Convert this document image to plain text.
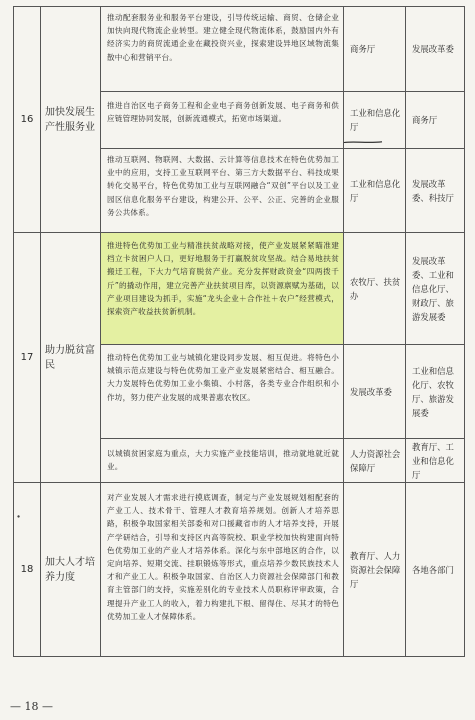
16
加快发展生产性服务业
推动配套服务业和服务平台建设，引导传统运输、商贸、仓储企业加快向现代物流企业转型。建立健全现代物流体系，鼓励国内外有经济实力的商贸流通企业在藏投资兴业，探索建设异地区域物流集散中心和营销平台。
商务厅	发展改革委
推进自治区电子商务工程和企业电子商务创新发展、电子商务和供应链管理协同发展，创新流通模式，拓宽市场渠道。
工业和信息化厅
商务厅
推动互联网、物联网、大数据、云计算等信息技术在特色优势加工业中的应用，支持工业互联网平台、第三方大数据平台、科技成果转化交易平台，特色优势加工业与互联网融合“双创”平台以及工业园区信息化服务平台建设，构建公开、公平、公正、完善的企业服务公共体系。
工业和信息化厅
发展改革委、科技厅
17
助力脱贫富民
推进特色优势加工业与精准扶贫战略对接，使产业发展紧紧瞄准建档立卡贫困户人口，更好地服务于打赢脱贫攻坚战。结合易地扶贫搬迁工程，下大力气培育脱贫产业。充分发挥财政资金“四两拨千斤”的撬动作用，建立完善产业扶贫项目库，以资源禀赋为基础，以产业项目建设为抓手，实施“龙头企业＋合作社＋农户”经营模式，探索资产收益扶贫新机制。
农牧厅、扶贫办
发展改革委、工业和信息化厅、财政厅、旅游发展委
推动特色优势加工业与城镇化建设同步发展、相互促进。将特色小城镇示范点建设与特色优势加工业产业发展紧密结合、相互融合。大力发展特色优势加工业小集镇、小村落，各类专业合作组织和小作坊，努力使产业发展的成果普惠农牧区。
发展改革委
工业和信息化厅、农牧厅、旅游发展委
以城镇贫困家庭为重点，大力实施产业技能培训，推动就地就近就业。
人力资源社会保障厅
教育厅、工业和信息化厅
18
加大人才培养力度
对产业发展人才需求进行摸底调查，制定与产业发展规划相配套的产业工人、技术骨干、管理人才教育培养规划。创新人才培养思路，积极争取国家相关部委和对口援藏省市的人才培养支持，开展产学研结合，引导和支持区内高等院校、职业学校加快构建面向特色优势加工业的产业人才培养体系。深化与东中部地区的合作，以定向培养、短期交流、挂职锻炼等形式，重点培养少数民族技术人才和产业工人。积极争取国家、自治区人力资源社会保障部门和教育主管部门的支持，实施差别化的专业技术人员职称评审政策，合理提升产业工人的收入，着力构建扎下根、留得住、尽其才的特色优势加工业人才保障体系。
教育厅、人力资源社会保障厅
各地各部门
∙
— 18 —
